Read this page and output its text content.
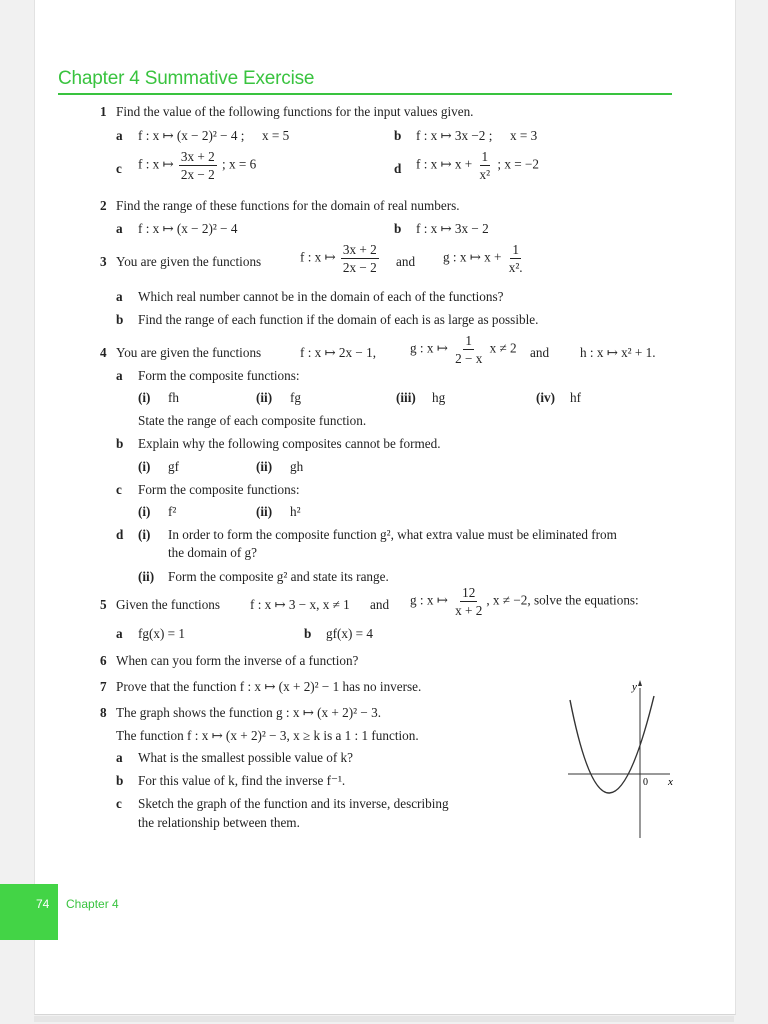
Chapter 4 Summative Exercise
1 Find the value of the following functions for the input values given.
a f : x ↦ (x − 2)² − 4 ; x = 5	b f : x ↦ 3x −2 ; x = 3
c f : x ↦ $\frac{3x + 2}{2x - 2}$ ; x = 6	d f : x ↦ $x + \frac{1}{\text{x²}}$ ; x = −2
2 Find the range of these functions for the domain of real numbers.
a f : x ↦ (x − 2)² − 4	b f : x ↦ 3x − 2
3 You are given the functions	f : x ↦ $\frac{3x + 2}{2x - 2}$ and g : x ↦ $x + \frac{1}{\text{x².}}$
a Which real number cannot be in the domain of each of the functions?
b Find the range of each function if the domain of each is as large as possible.
4 You are given the functions	f : x ↦ 2x − 1,	g : x ↦ $\frac{1}{2 - x}$ x ≠ 2 and h : x ↦ x² + 1.
a Form the composite functions:
(i) fh	(ii) fg	(iii) hg	(iv) hf
State the range of each composite function.
b Explain why the following composites cannot be formed.
(i) gf	(ii) gh
c Form the composite functions:
(i) f²	(ii) h²
d (i) In order to form the composite function g², what extra value must be eliminated from
the domain of g?
(ii) Form the composite g² and state its range.
5 Given the functions f : x ↦ 3 − x, x ≠ 1 and g : x ↦ $\frac{12}{x + 2}$ , x ≠ −2, solve the equations:
a fg(x) = 1	b gf(x) = 4
6 When can you form the inverse of a function?
7 Prove that the function f : x ↦ (x + 2)² − 1 has no inverse.
8 The graph shows the function g : x ↦ (x + 2)² − 3.
The function f : x ↦ (x + 2)² − 3, x ≥ k is a 1 : 1 function.
a What is the smallest possible value of k?
b For this value of k, find the inverse f⁻¹.
c Sketch the graph of the function and its inverse, describing
the relationship between them.
y
x
0
74 Chapter 4
